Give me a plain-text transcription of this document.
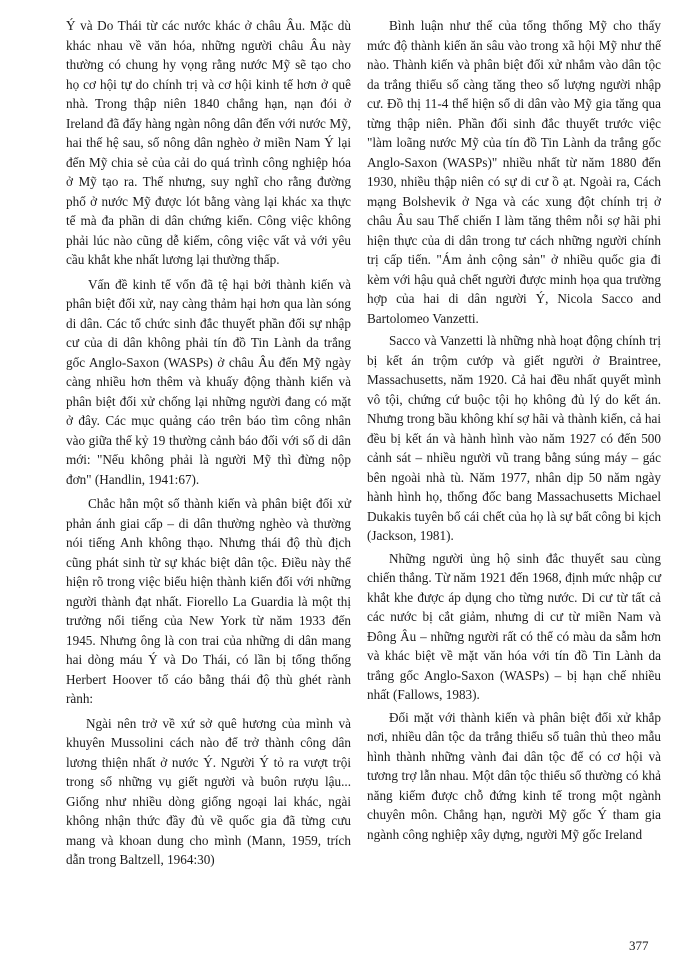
Ý và Do Thái từ các nước khác ở châu Âu. Mặc dù khác nhau về văn hóa, những người châu Âu này thường có chung hy vọng rằng nước Mỹ sẽ tạo cho họ cơ hội tự do chính trị và cơ hội kinh tế hơn ở quê nhà. Trong thập niên 1840 chẳng hạn, nạn đói ở Ireland đã đẩy hàng ngàn nông dân đến với nước Mỹ, hai thế hệ sau, số nông dân nghèo ở miền Nam Ý lại đến Mỹ chia sẻ của cải do quá trình công nghiệp hóa ở Mỹ tạo ra. Thế nhưng, suy nghĩ cho rằng đường phố ở nước Mỹ được lót bằng vàng lại khác xa thực tế mà đa phần di dân chứng kiến. Công việc không phải lúc nào cũng dễ kiếm, công việc vất vả với yêu cầu khắt khe nhất lương lại thường thấp.

Vấn đề kinh tế vốn đã tệ hại bởi thành kiến và phân biệt đối xử, nay càng thảm hại hơn qua làn sóng di dân. Các tổ chức sinh đắc thuyết phần đối sự nhập cư của di dân không phải tín đồ Tin Lành da trắng gốc Anglo-Saxon (WASPs) ở châu Âu đến Mỹ ngày càng nhiều hơn thêm và khuấy động thành kiến và phân biệt đối xử chống lại những người đang có mặt ở đây. Các mục quảng cáo trên báo tìm công nhân vào giữa thế kỷ 19 thường cảnh báo đối với số di dân mới: "Nếu không phải là người Mỹ thì đừng nộp đơn" (Handlin, 1941:67).

Chắc hẳn một số thành kiến và phân biệt đối xử phản ánh giai cấp – di dân thường nghèo và thường nói tiếng Anh không thạo. Nhưng thái độ thù địch cũng phát sinh từ sự khác biệt dân tộc. Điều này thể hiện rõ trong việc biểu hiện thành kiến đối với những người thành đạt nhất. Fiorello La Guardia là một thị trưởng nổi tiếng của New York từ năm 1933 đến 1945. Nhưng ông là con trai của những di dân mang hai dòng máu Ý và Do Thái, có lần bị tổng thống Herbert Hoover tố cáo bằng thái độ thù ghét rành rành:

Ngài nên trở về xứ sở quê hương của mình và khuyên Mussolini cách nào để trở thành công dân lương thiện nhất ở nước Ý. Người Ý tỏ ra vượt trội trong số những vụ giết người và buôn rượu lậu... Giống như nhiều dòng giống ngoại lai khác, ngài không nhận thức đầy đủ về quốc gia đã từng cưu mang và khoan dung cho mình (Mann, 1959, trích dẫn trong Baltzell, 1964:30)

Bình luận như thế của tổng thống Mỹ cho thấy mức độ thành kiến ăn sâu vào trong xã hội Mỹ như thế nào. Thành kiến và phân biệt đối xử nhắm vào dân tộc da trắng thiểu số càng tăng theo số lượng người nhập cư. Đồ thị 11-4 thể hiện số di dân vào Mỹ gia tăng qua từng thập niên. Phần đối sinh đắc thuyết trước việc "làm loãng nước Mỹ của tín đồ Tin Lành da trắng gốc Anglo-Saxon (WASPs)" nhiều nhất từ năm 1880 đến 1930, nhiều thập niên có sự di cư ồ ạt. Ngoài ra, Cách mạng Bolshevik ở Nga và các xung đột chính trị ở châu Âu sau Thế chiến I làm tăng thêm nỗi sợ hãi phi hiện thực của di dân trong tư cách những người chính trị cấp tiến. "Ám ảnh cộng sản" ở nhiều quốc gia đi kèm với hậu quả chết người được minh họa qua trường hợp của hai di dân người Ý, Nicola Sacco and Bartolomeo Vanzetti.

Sacco và Vanzetti là những nhà hoạt động chính trị bị kết án trộm cướp và giết người ở Braintree, Massachusetts, năm 1920. Cả hai đều nhất quyết mình vô tội, chứng cứ buộc tội họ không đủ lý do kết án. Nhưng trong bầu không khí sợ hãi và thành kiến, cả hai đều bị kết án và hành hình vào năm 1927 có đến 500 cảnh sát – nhiều người vũ trang bằng súng máy – gác bên ngoài nhà tù. Năm 1977, nhân dịp 50 năm ngày hành hình họ, thống đốc bang Massachusetts Michael Dukakis tuyên bố cái chết của họ là sự bất công bi kịch (Jackson, 1981).

Những người ủng hộ sinh đắc thuyết sau cùng chiến thắng. Từ năm 1921 đến 1968, định mức nhập cư khắt khe được áp dụng cho từng nước. Di cư từ tất cả các nước bị cắt giảm, nhưng di cư từ miền Nam và Đông Âu – những người rất có thể có màu da sẫm hơn và khác biệt về mặt văn hóa với tín đồ Tin Lành da trắng gốc Anglo-Saxon (WASPs) – bị hạn chế nhiều nhất (Fallows, 1983).

Đối mặt với thành kiến và phân biệt đối xử khắp nơi, nhiều dân tộc da trắng thiểu số tuân thủ theo mẫu hình thành những vành đai dân tộc để có cơ hội và tương trợ lẫn nhau. Một dân tộc thiểu số thường có khả năng kiếm được chỗ đứng kinh tế trong một ngành chuyên môn. Chẳng hạn, người Mỹ gốc Ý tham gia ngành công nghiệp xây dựng, người Mỹ gốc Ireland

377
